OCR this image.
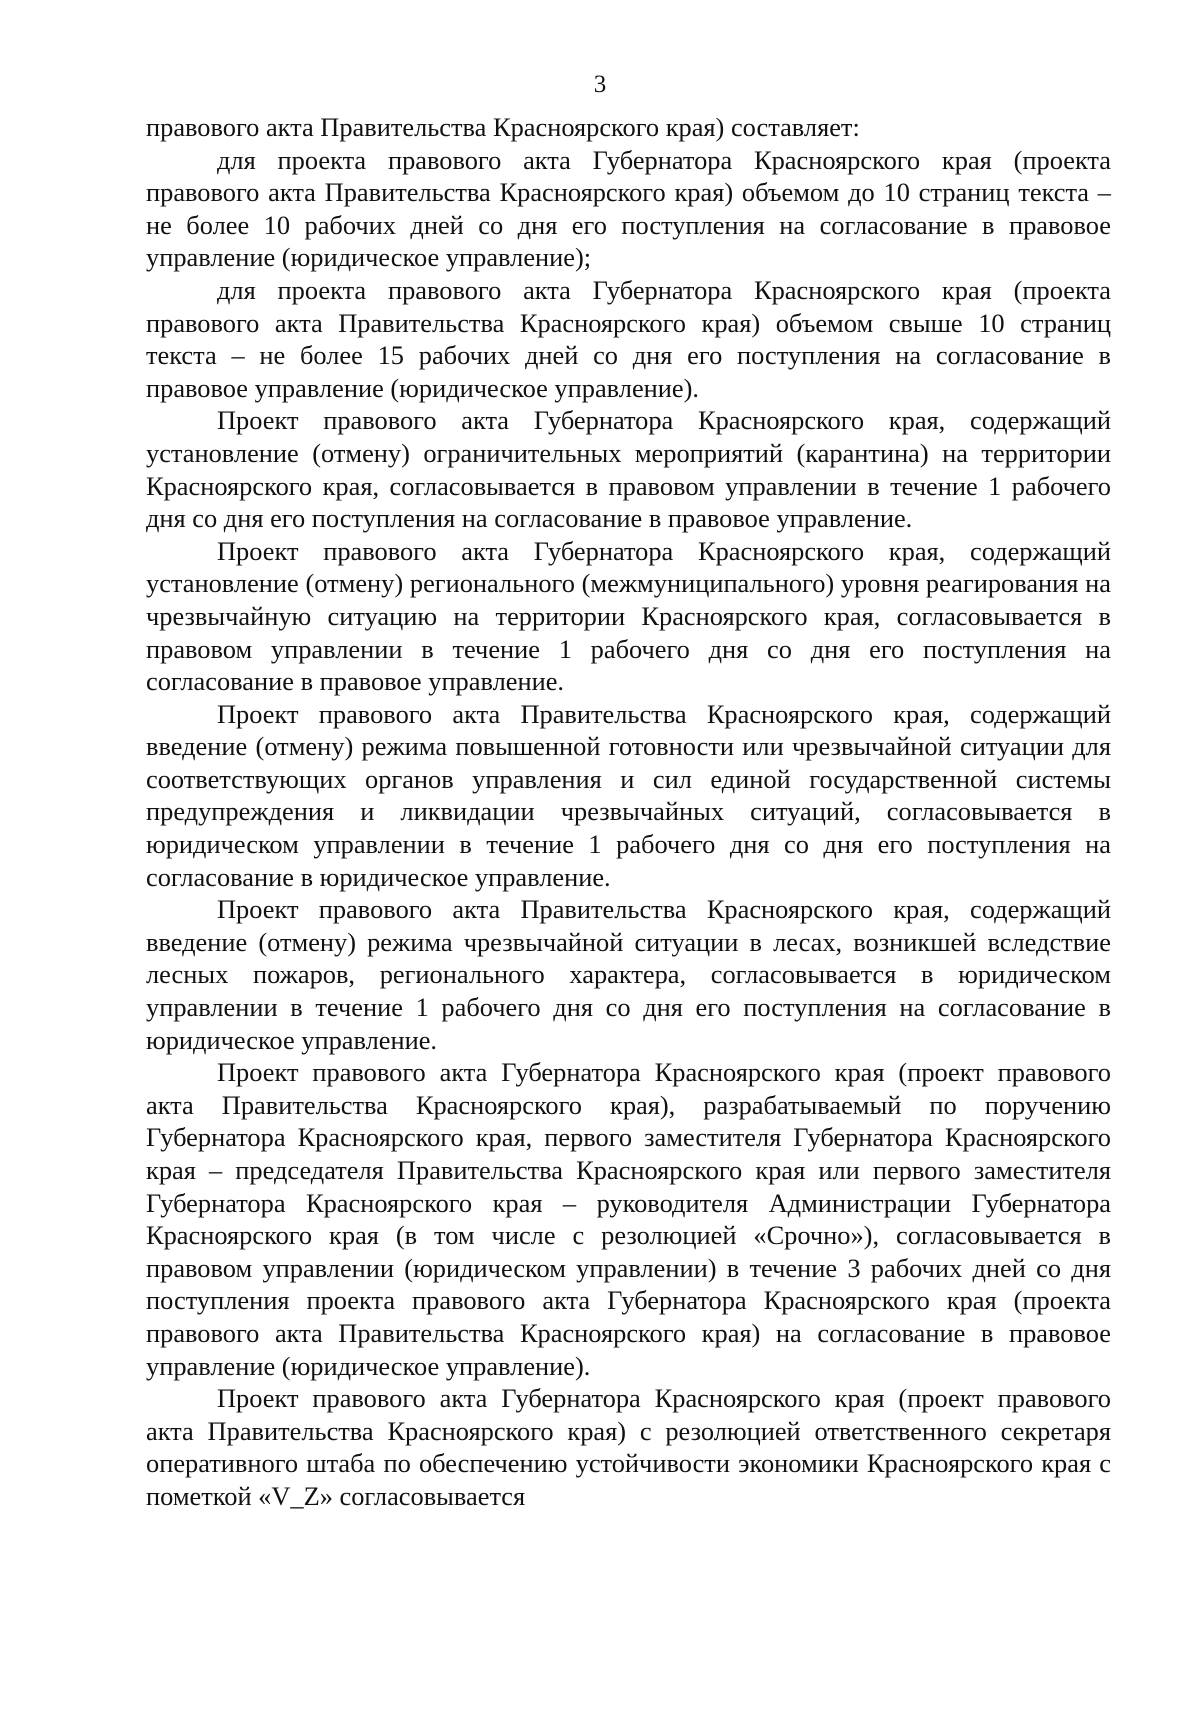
3

правового акта Правительства Красноярского края) составляет:

для проекта правового акта Губернатора Красноярского края (проекта правового акта Правительства Красноярского края) объемом до 10 страниц текста – не более 10 рабочих дней со дня его поступления на согласование в правовое управление (юридическое управление);

для проекта правового акта Губернатора Красноярского края (проекта правового акта Правительства Красноярского края) объемом свыше 10 страниц текста – не более 15 рабочих дней со дня его поступления на согласование в правовое управление (юридическое управление).

Проект правового акта Губернатора Красноярского края, содержащий установление (отмену) ограничительных мероприятий (карантина) на территории Красноярского края, согласовывается в правовом управлении в течение 1 рабочего дня со дня его поступления на согласование в правовое управление.

Проект правового акта Губернатора Красноярского края, содержащий установление (отмену) регионального (межмуниципального) уровня реагирования на чрезвычайную ситуацию на территории Красноярского края, согласовывается в правовом управлении в течение 1 рабочего дня со дня его поступления на согласование в правовое управление.

Проект правового акта Правительства Красноярского края, содержащий введение (отмену) режима повышенной готовности или чрезвычайной ситуации для соответствующих органов управления и сил единой государственной системы предупреждения и ликвидации чрезвычайных ситуаций, согласовывается в юридическом управлении в течение 1 рабочего дня со дня его поступления на согласование в юридическое управление.

Проект правового акта Правительства Красноярского края, содержащий введение (отмену) режима чрезвычайной ситуации в лесах, возникшей вследствие лесных пожаров, регионального характера, согласовывается в юридическом управлении в течение 1 рабочего дня со дня его поступления на согласование в юридическое управление.

Проект правового акта Губернатора Красноярского края (проект правового акта Правительства Красноярского края), разрабатываемый по поручению Губернатора Красноярского края, первого заместителя Губернатора Красноярского края – председателя Правительства Красноярского края или первого заместителя Губернатора Красноярского края – руководителя Администрации Губернатора Красноярского края (в том числе с резолюцией «Срочно»), согласовывается в правовом управлении (юридическом управлении) в течение 3 рабочих дней со дня поступления проекта правового акта Губернатора Красноярского края (проекта правового акта Правительства Красноярского края) на согласование в правовое управление (юридическое управление).

Проект правового акта Губернатора Красноярского края (проект правового акта Правительства Красноярского края) с резолюцией ответственного секретаря оперативного штаба по обеспечению устойчивости экономики Красноярского края с пометкой «V_Z» согласовывается
